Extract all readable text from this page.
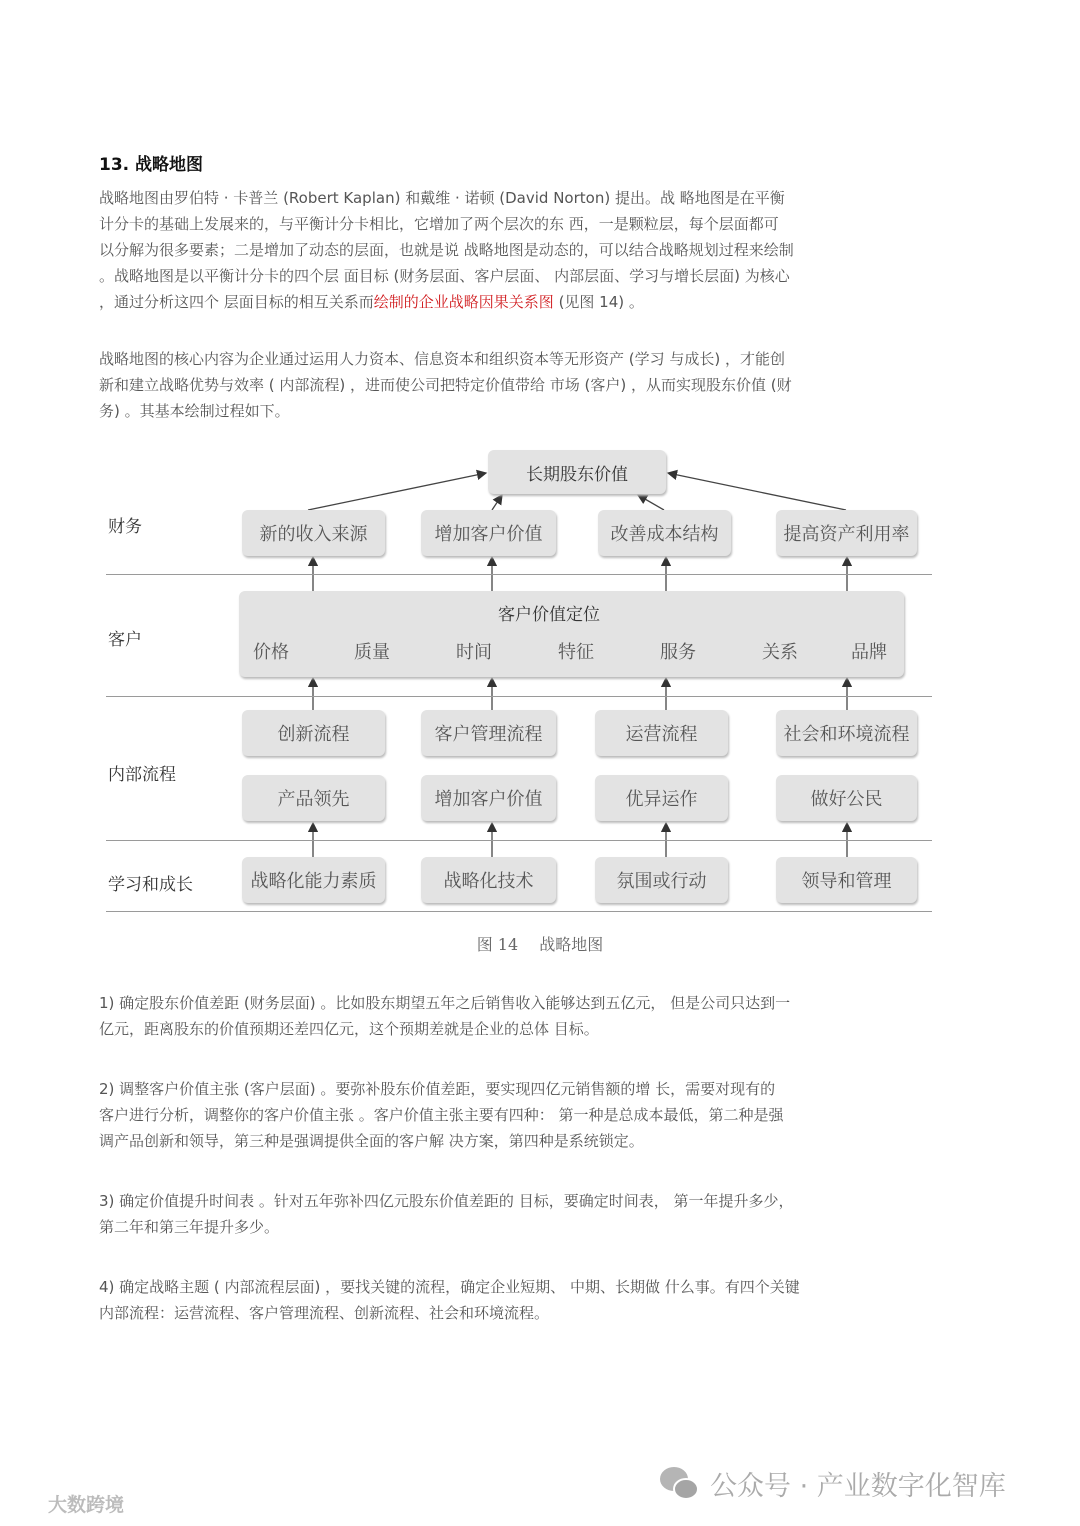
13. 战略地图
战略地图由罗伯特 · 卡普兰 (Robert Kaplan) 和戴维 · 诺顿 (David Norton) 提出。战 略地图是在平衡
计分卡的基础上发展来的，与平衡计分卡相比，它增加了两个层次的东 西，一是颗粒层，每个层面都可
以分解为很多要素；二是增加了动态的层面，也就是说 战略地图是动态的，可以结合战略规划过程来绘制
。战略地图是以平衡计分卡的四个层 面目标 (财务层面、客户层面、 内部层面、学习与增长层面) 为核心
，通过分析这四个 层面目标的相互关系而绘制的企业战略因果关系图 (见图 14) 。
战略地图的核心内容为企业通过运用人力资本、信息资本和组织资本等无形资产 (学习 与成长) ，才能创
新和建立战略优势与效率 ( 内部流程) ，进而使公司把特定价值带给 市场 (客户) ，从而实现股东价值 (财
务) 。其基本绘制过程如下。
财务
客户
内部流程
学习和成长
长期股东价值
新的收入来源	增加客户价值	改善成本结构	提高资产利用率
客户价值定位
价格	质量	时间	特征	服务	关系	品牌
创新流程	客户管理流程	运营流程	社会和环境流程
产品领先	增加客户价值	优异运作	做好公民
战略化能力素质	战略化技术	氛围或行动	领导和管理
图 14　 战略地图
1) 确定股东价值差距 (财务层面) 。比如股东期望五年之后销售收入能够达到五亿元， 但是公司只达到一
亿元，距离股东的价值预期还差四亿元，这个预期差就是企业的总体 目标。
2) 调整客户价值主张 (客户层面) 。要弥补股东价值差距，要实现四亿元销售额的增 长，需要对现有的
客户进行分析，调整你的客户价值主张 。客户价值主张主要有四种： 第一种是总成本最低，第二种是强
调产品创新和领导，第三种是强调提供全面的客户解 决方案，第四种是系统锁定。
3) 确定价值提升时间表 。针对五年弥补四亿元股东价值差距的 目标，要确定时间表， 第一年提升多少，
第二年和第三年提升多少。
4) 确定战略主题 ( 内部流程层面) ，要找关键的流程，确定企业短期、 中期、长期做 什么事。有四个关键
内部流程：运营流程、客户管理流程、创新流程、社会和环境流程。
公众号 · 产业数字化智库
大数跨境
